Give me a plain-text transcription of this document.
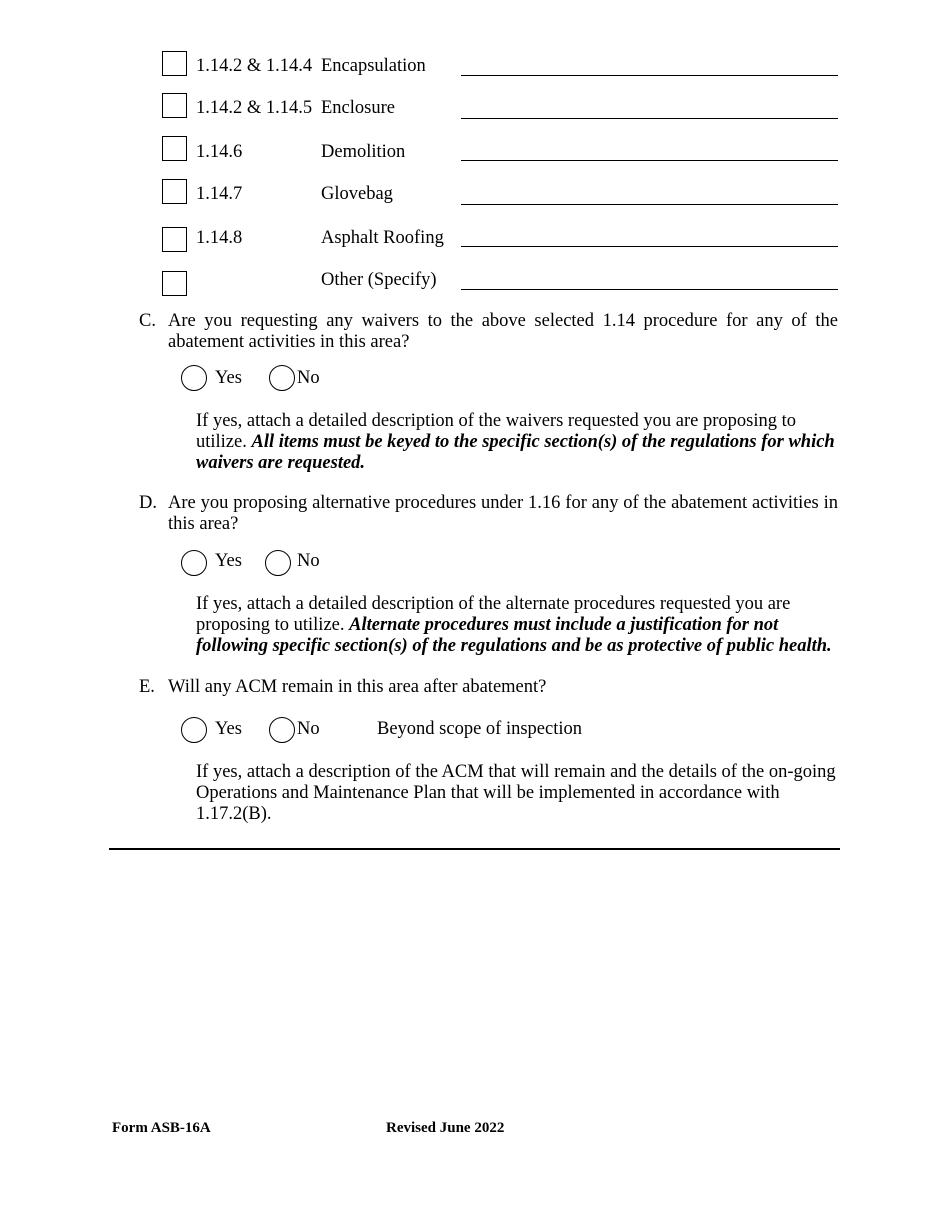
1.14.2 & 1.14.4 Encapsulation
1.14.2 & 1.14.5 Enclosure
1.14.6	Demolition
1.14.7	Glovebag
1.14.8	Asphalt Roofing
Other (Specify)
C. Are you requesting any waivers to the above selected 1.14 procedure for any of the abatement activities in this area?
Yes	No
If yes, attach a detailed description of the waivers requested you are proposing to utilize. All items must be keyed to the specific section(s) of the regulations for which waivers are requested.
D. Are you proposing alternative procedures under 1.16 for any of the abatement activities in this area?
Yes	No
If yes, attach a detailed description of the alternate procedures requested you are proposing to utilize. Alternate procedures must include a justification for not following specific section(s) of the regulations and be as protective of public health.
E. Will any ACM remain in this area after abatement?
Yes	No	Beyond scope of inspection
If yes, attach a description of the ACM that will remain and the details of the on-going Operations and Maintenance Plan that will be implemented in accordance with 1.17.2(B).
Form ASB-16A	Revised June 2022
